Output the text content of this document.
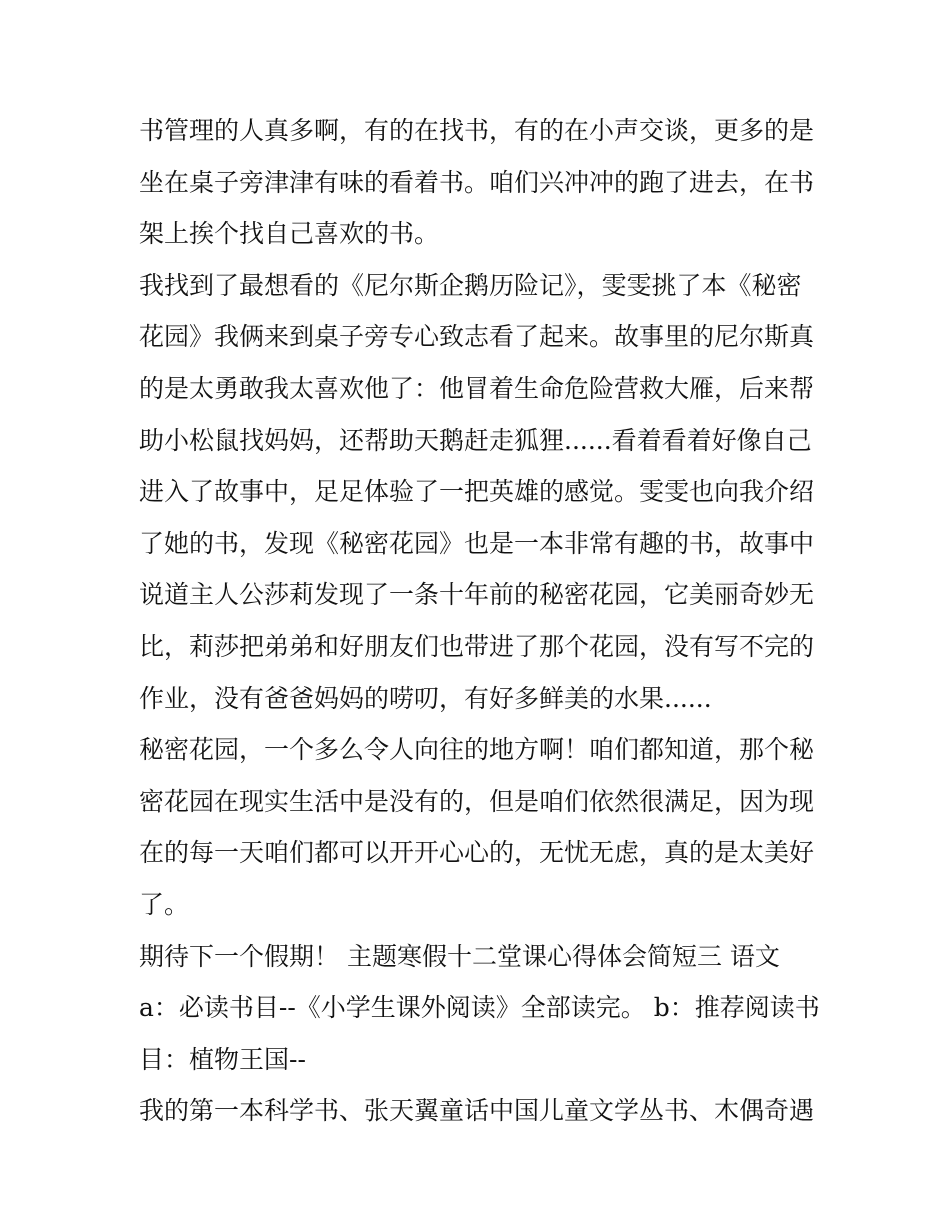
书管理的人真多啊，有的在找书，有的在小声交谈，更多的是
坐在桌子旁津津有味的看着书。咱们兴冲冲的跑了进去，在书
架上挨个找自己喜欢的书。
我找到了最想看的《尼尔斯企鹅历险记》，雯雯挑了本《秘密
花园》我俩来到桌子旁专心致志看了起来。故事里的尼尔斯真
的是太勇敢我太喜欢他了：他冒着生命危险营救大雁，后来帮
助小松鼠找妈妈，还帮助天鹅赶走狐狸......看着看着好像自己
进入了故事中，足足体验了一把英雄的感觉。雯雯也向我介绍
了她的书，发现《秘密花园》也是一本非常有趣的书，故事中
说道主人公莎莉发现了一条十年前的秘密花园，它美丽奇妙无
比，莉莎把弟弟和好朋友们也带进了那个花园，没有写不完的
作业，没有爸爸妈妈的唠叨，有好多鲜美的水果......
秘密花园，一个多么令人向往的地方啊！咱们都知道，那个秘
密花园在现实生活中是没有的，但是咱们依然很满足，因为现
在的每一天咱们都可以开开心心的，无忧无虑，真的是太美好
了。
期待下一个假期！ 主题寒假十二堂课心得体会简短三 语文
a：必读书目--《小学生课外阅读》全部读完。 b：推荐阅读书
目：植物王国--
我的第一本科学书、张天翼童话中国儿童文学丛书、木偶奇遇
